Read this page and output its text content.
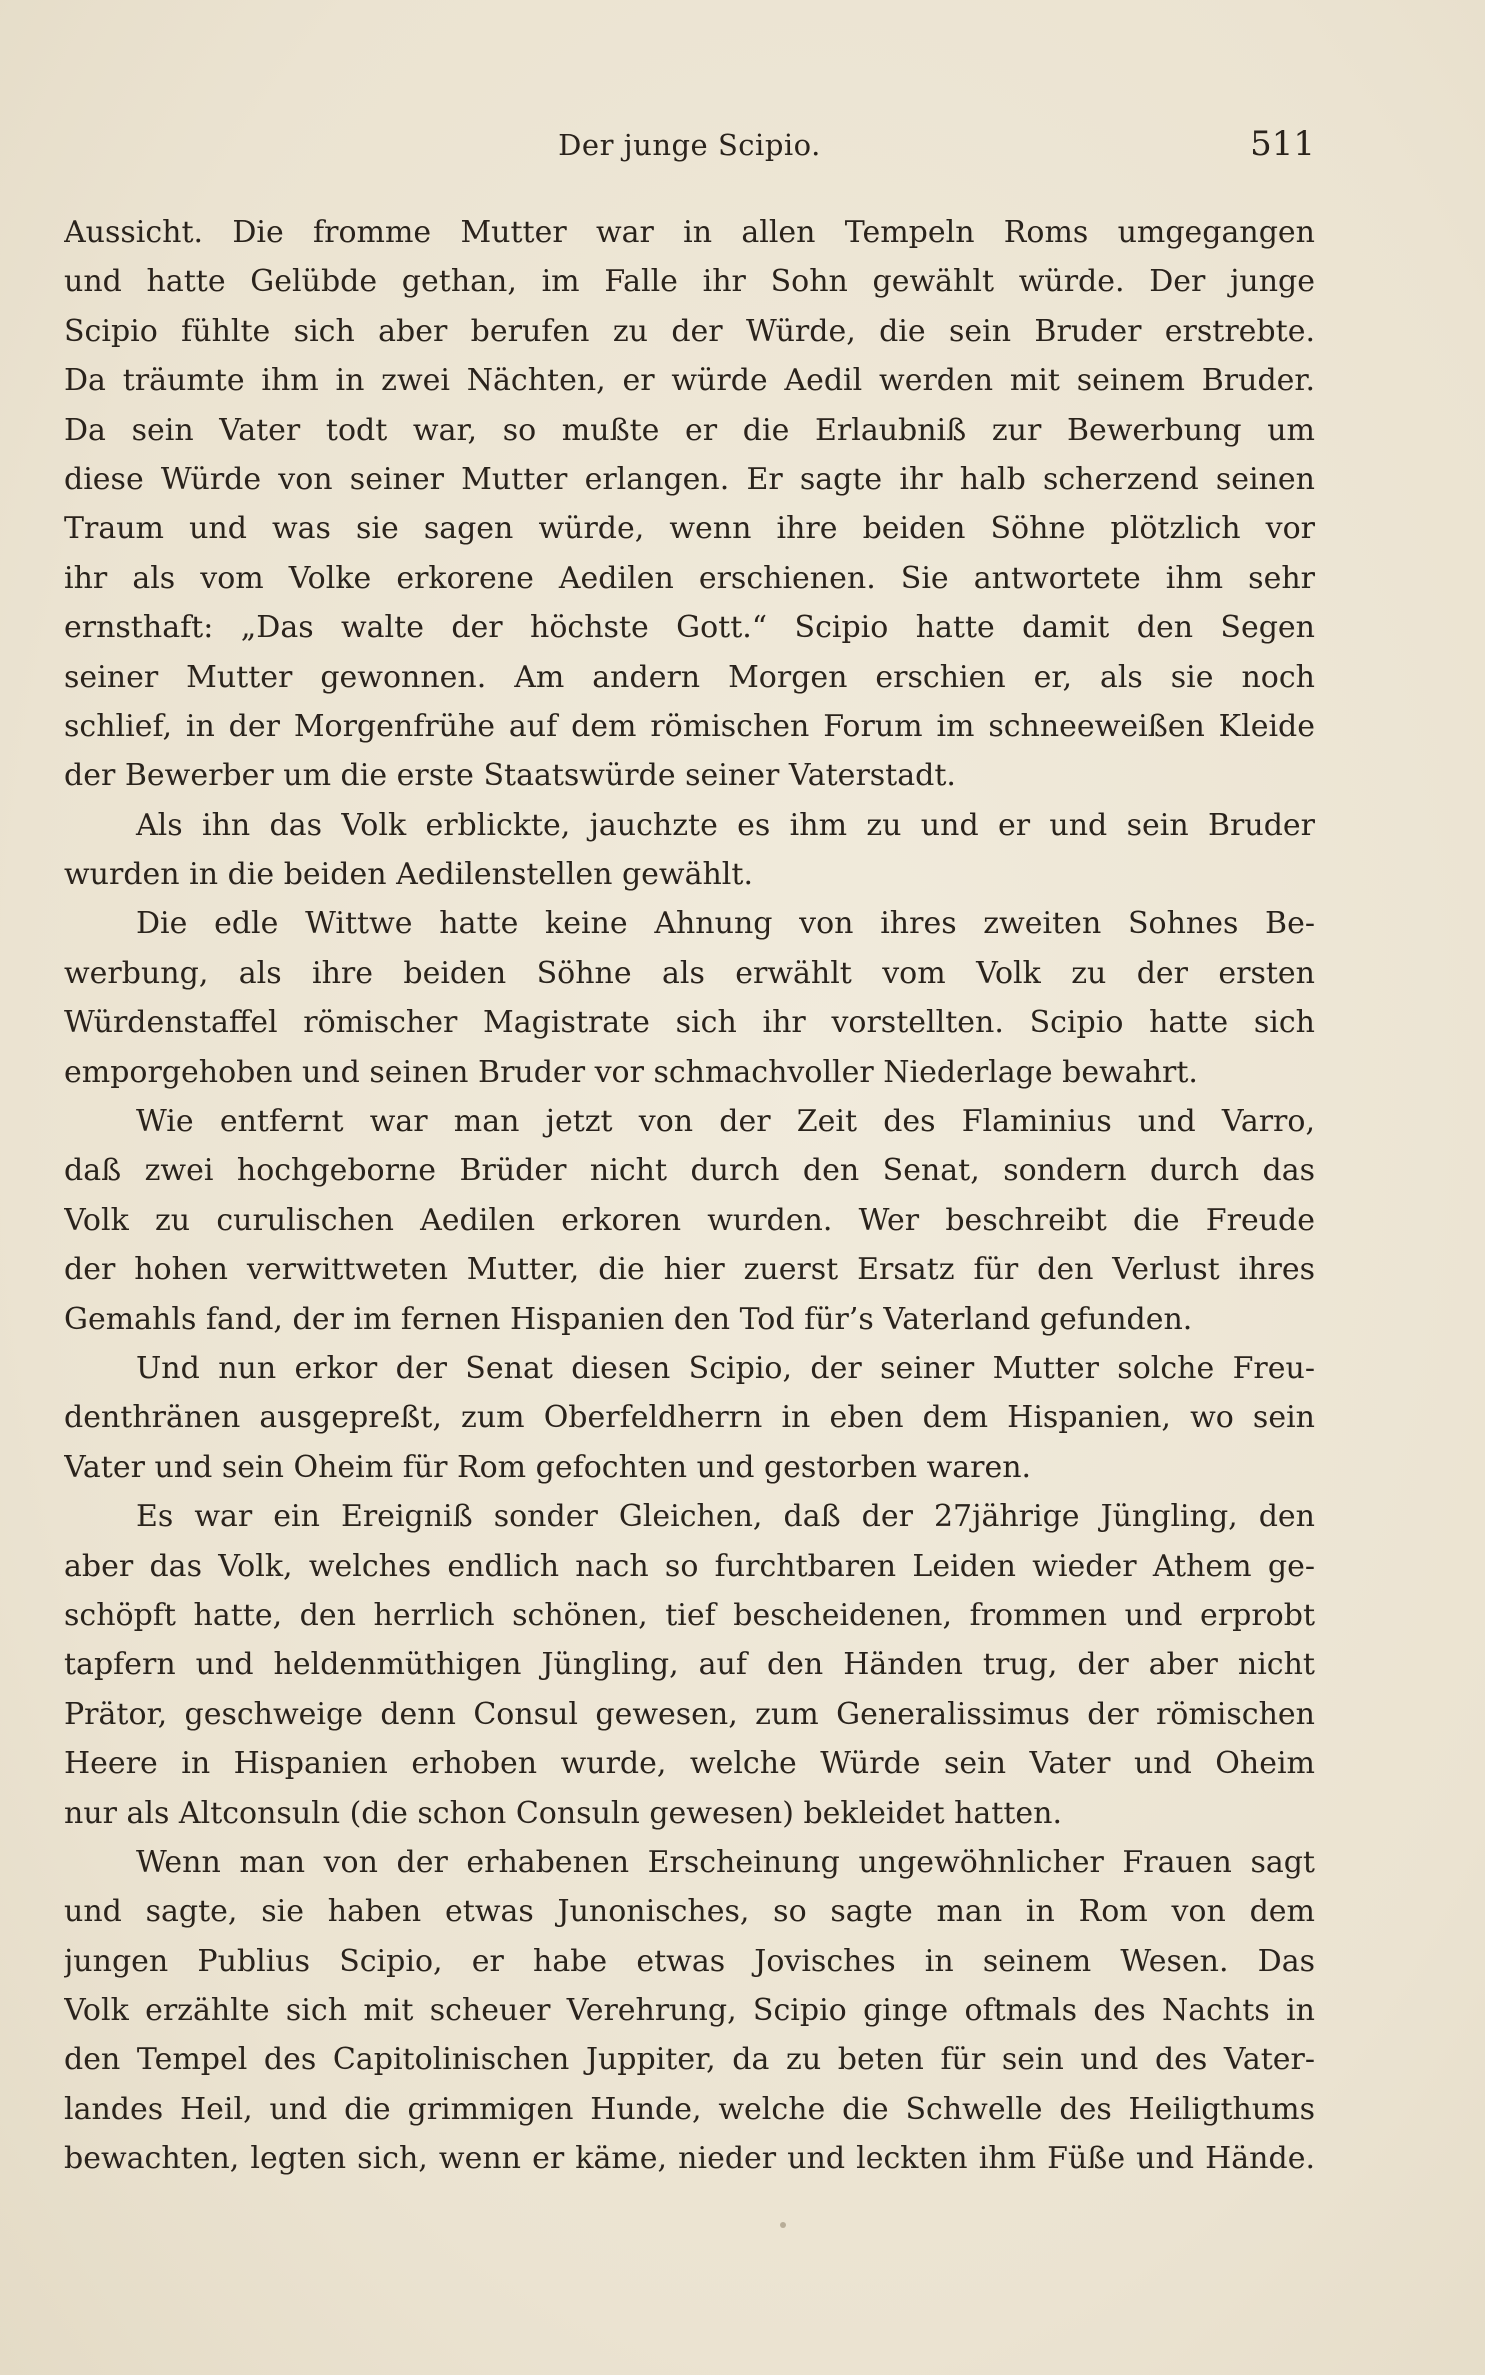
Der junge Scipio.	511
Aussicht. Die fromme Mutter war in allen Tempeln Roms umgegangen
und hatte Gelübde gethan, im Falle ihr Sohn gewählt würde. Der junge
Scipio fühlte sich aber berufen zu der Würde, die sein Bruder erstrebte.
Da träumte ihm in zwei Nächten, er würde Aedil werden mit seinem Bruder.
Da sein Vater todt war, so mußte er die Erlaubniß zur Bewerbung um
diese Würde von seiner Mutter erlangen. Er sagte ihr halb scherzend seinen
Traum und was sie sagen würde, wenn ihre beiden Söhne plötzlich vor
ihr als vom Volke erkorene Aedilen erschienen. Sie antwortete ihm sehr
ernsthaft: „Das walte der höchste Gott.“ Scipio hatte damit den Segen
seiner Mutter gewonnen. Am andern Morgen erschien er, als sie noch
schlief, in der Morgenfrühe auf dem römischen Forum im schneeweißen Kleide
der Bewerber um die erste Staatswürde seiner Vaterstadt.
Als ihn das Volk erblickte, jauchzte es ihm zu und er und sein Bruder
wurden in die beiden Aedilenstellen gewählt.
Die edle Wittwe hatte keine Ahnung von ihres zweiten Sohnes Be-
werbung, als ihre beiden Söhne als erwählt vom Volk zu der ersten
Würdenstaffel römischer Magistrate sich ihr vorstellten. Scipio hatte sich
emporgehoben und seinen Bruder vor schmachvoller Niederlage bewahrt.
Wie entfernt war man jetzt von der Zeit des Flaminius und Varro,
daß zwei hochgeborne Brüder nicht durch den Senat, sondern durch das
Volk zu curulischen Aedilen erkoren wurden. Wer beschreibt die Freude
der hohen verwittweten Mutter, die hier zuerst Ersatz für den Verlust ihres
Gemahls fand, der im fernen Hispanien den Tod für’s Vaterland gefunden.
Und nun erkor der Senat diesen Scipio, der seiner Mutter solche Freu-
denthränen ausgepreßt, zum Oberfeldherrn in eben dem Hispanien, wo sein
Vater und sein Oheim für Rom gefochten und gestorben waren.
Es war ein Ereigniß sonder Gleichen, daß der 27jährige Jüngling, den
aber das Volk, welches endlich nach so furchtbaren Leiden wieder Athem ge-
schöpft hatte, den herrlich schönen, tief bescheidenen, frommen und erprobt
tapfern und heldenmüthigen Jüngling, auf den Händen trug, der aber nicht
Prätor, geschweige denn Consul gewesen, zum Generalissimus der römischen
Heere in Hispanien erhoben wurde, welche Würde sein Vater und Oheim
nur als Altconsuln (die schon Consuln gewesen) bekleidet hatten.
Wenn man von der erhabenen Erscheinung ungewöhnlicher Frauen sagt
und sagte, sie haben etwas Junonisches, so sagte man in Rom von dem
jungen Publius Scipio, er habe etwas Jovisches in seinem Wesen. Das
Volk erzählte sich mit scheuer Verehrung, Scipio ginge oftmals des Nachts in
den Tempel des Capitolinischen Juppiter, da zu beten für sein und des Vater-
landes Heil, und die grimmigen Hunde, welche die Schwelle des Heiligthums
bewachten, legten sich, wenn er käme, nieder und leckten ihm Füße und Hände.
